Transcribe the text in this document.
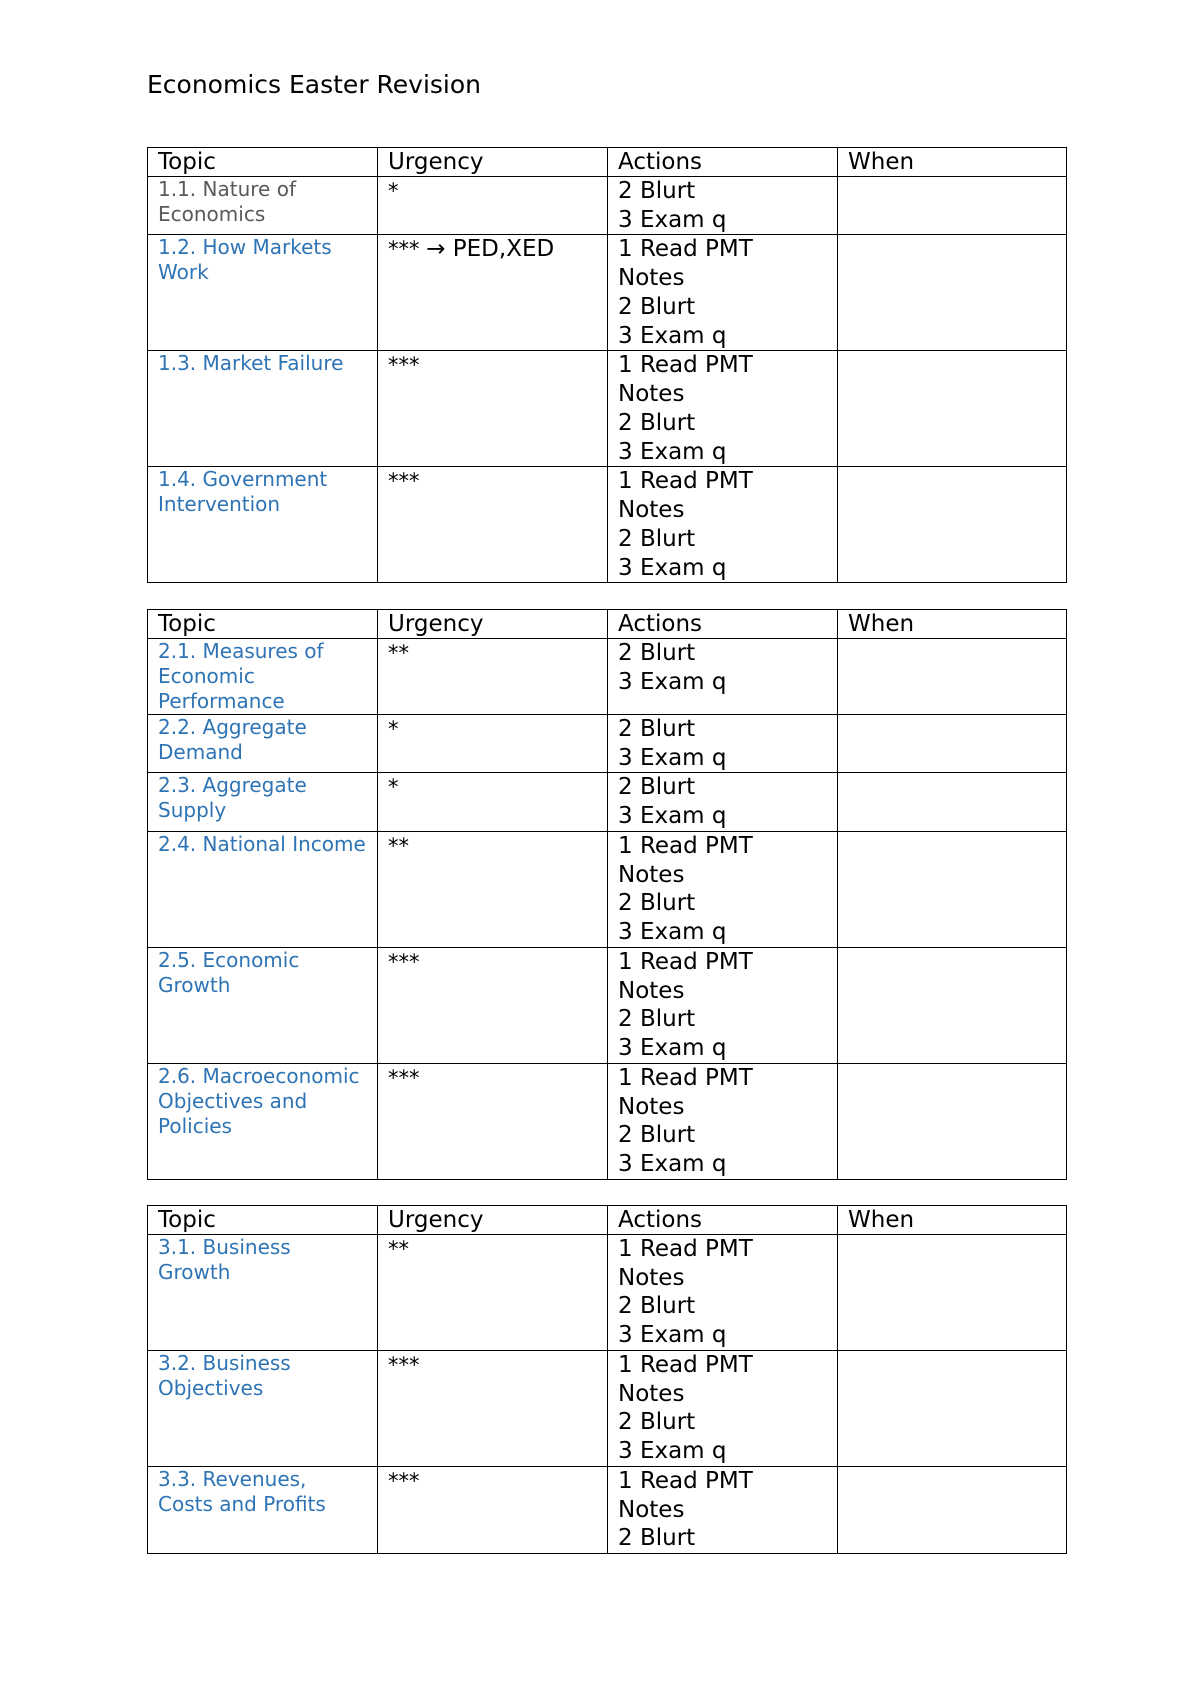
Economics Easter Revision
Topic	Urgency	Actions	When
1.1. Nature of Economics	*	2 Blurt
3 Exam q	

1.2. How Markets Work	*** → PED,XED	1 Read PMT
Notes
2 Blurt
3 Exam q	

1.3. Market Failure	***	1 Read PMT
Notes
2 Blurt
3 Exam q	

1.4. Government Intervention	***	1 Read PMT
Notes
2 Blurt
3 Exam q	

Topic	Urgency	Actions	When
2.1. Measures of Economic Performance	**	2 Blurt
3 Exam q	

2.2. Aggregate Demand	*	2 Blurt
3 Exam q	

2.3. Aggregate Supply	*	2 Blurt
3 Exam q	

2.4. National Income	**	1 Read PMT
Notes
2 Blurt
3 Exam q	

2.5. Economic Growth	***	1 Read PMT
Notes
2 Blurt
3 Exam q	

2.6. Macroeconomic Objectives and Policies	***	1 Read PMT
Notes
2 Blurt
3 Exam q	

Topic	Urgency	Actions	When
3.1. Business Growth	**	1 Read PMT
Notes
2 Blurt
3 Exam q	

3.2. Business Objectives	***	1 Read PMT
Notes
2 Blurt
3 Exam q	

3.3. Revenues, Costs and Profits	***	1 Read PMT
Notes
2 Blurt	
